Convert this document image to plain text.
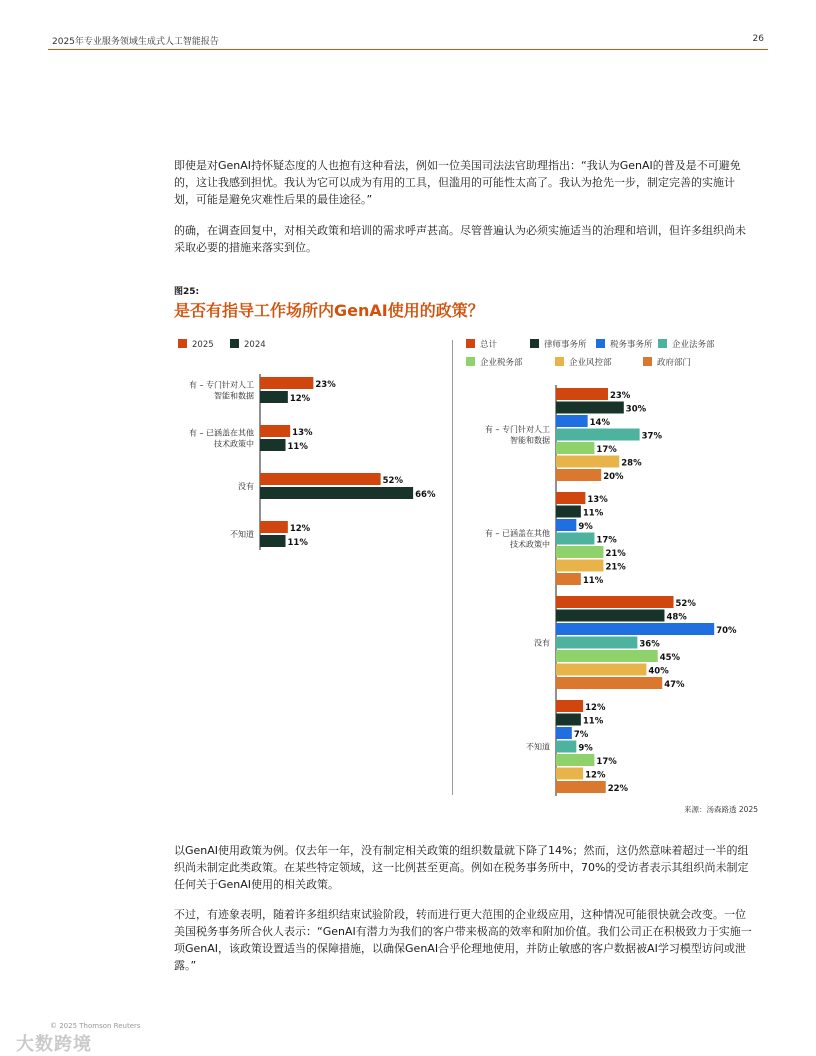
2025年专业服务领域生成式人工智能报告	26

即使是对GenAI持怀疑态度的人也抱有这种看法，例如一位美国司法法官助理指出：“我认为GenAI的普及是不可避免的，这让我感到担忧。我认为它可以成为有用的工具，但滥用的可能性太高了。我认为抢先一步，制定完善的实施计划，可能是避免灾难性后果的最佳途径。”

的确，在调查回复中，对相关政策和培训的需求呼声甚高。尽管普遍认为必须实施适当的治理和培训，但许多组织尚未采取必要的措施来落实到位。

图25:
是否有指导工作场所内GenAI使用的政策？
2025	2024
有 – 专门针对人工
智能和数据
23%
12%
有 – 已涵盖在其他
技术政策中
13%
11%
没有
52%
66%
不知道
12%
11%
总计	律师事务所	税务事务所 企业法务部
企业税务部	企业风控部	政府部门
有 – 专门针对人工
智能和数据
23%
30%
14%
37%
17%
28%
20%
有 – 已涵盖在其他
技术政策中
13%
11%
9%
17%
21%
21%
11%
没有
52%
48%
70%
36%
45%
40%
47%
不知道
12%
11%
7%
9%
17%
12%
22%
来源：汤森路透 2025

以GenAI使用政策为例。仅去年一年，没有制定相关政策的组织数量就下降了14%；然而，这仍然意味着超过一半的组织尚未制定此类政策。在某些特定领域，这一比例甚至更高。例如在税务事务所中，70%的受访者表示其组织尚未制定任何关于GenAI使用的相关政策。

不过，有迹象表明，随着许多组织结束试验阶段，转而进行更大范围的企业级应用，这种情况可能很快就会改变。一位美国税务事务所合伙人表示：“GenAI有潜力为我们的客户带来极高的效率和附加价值。我们公司正在积极致力于实施一项GenAI，该政策设置适当的保障措施，以确保GenAI合乎伦理地使用，并防止敏感的客户数据被AI学习模型访问或泄露。”

© 2025 Thomson Reuters
大数跨境
